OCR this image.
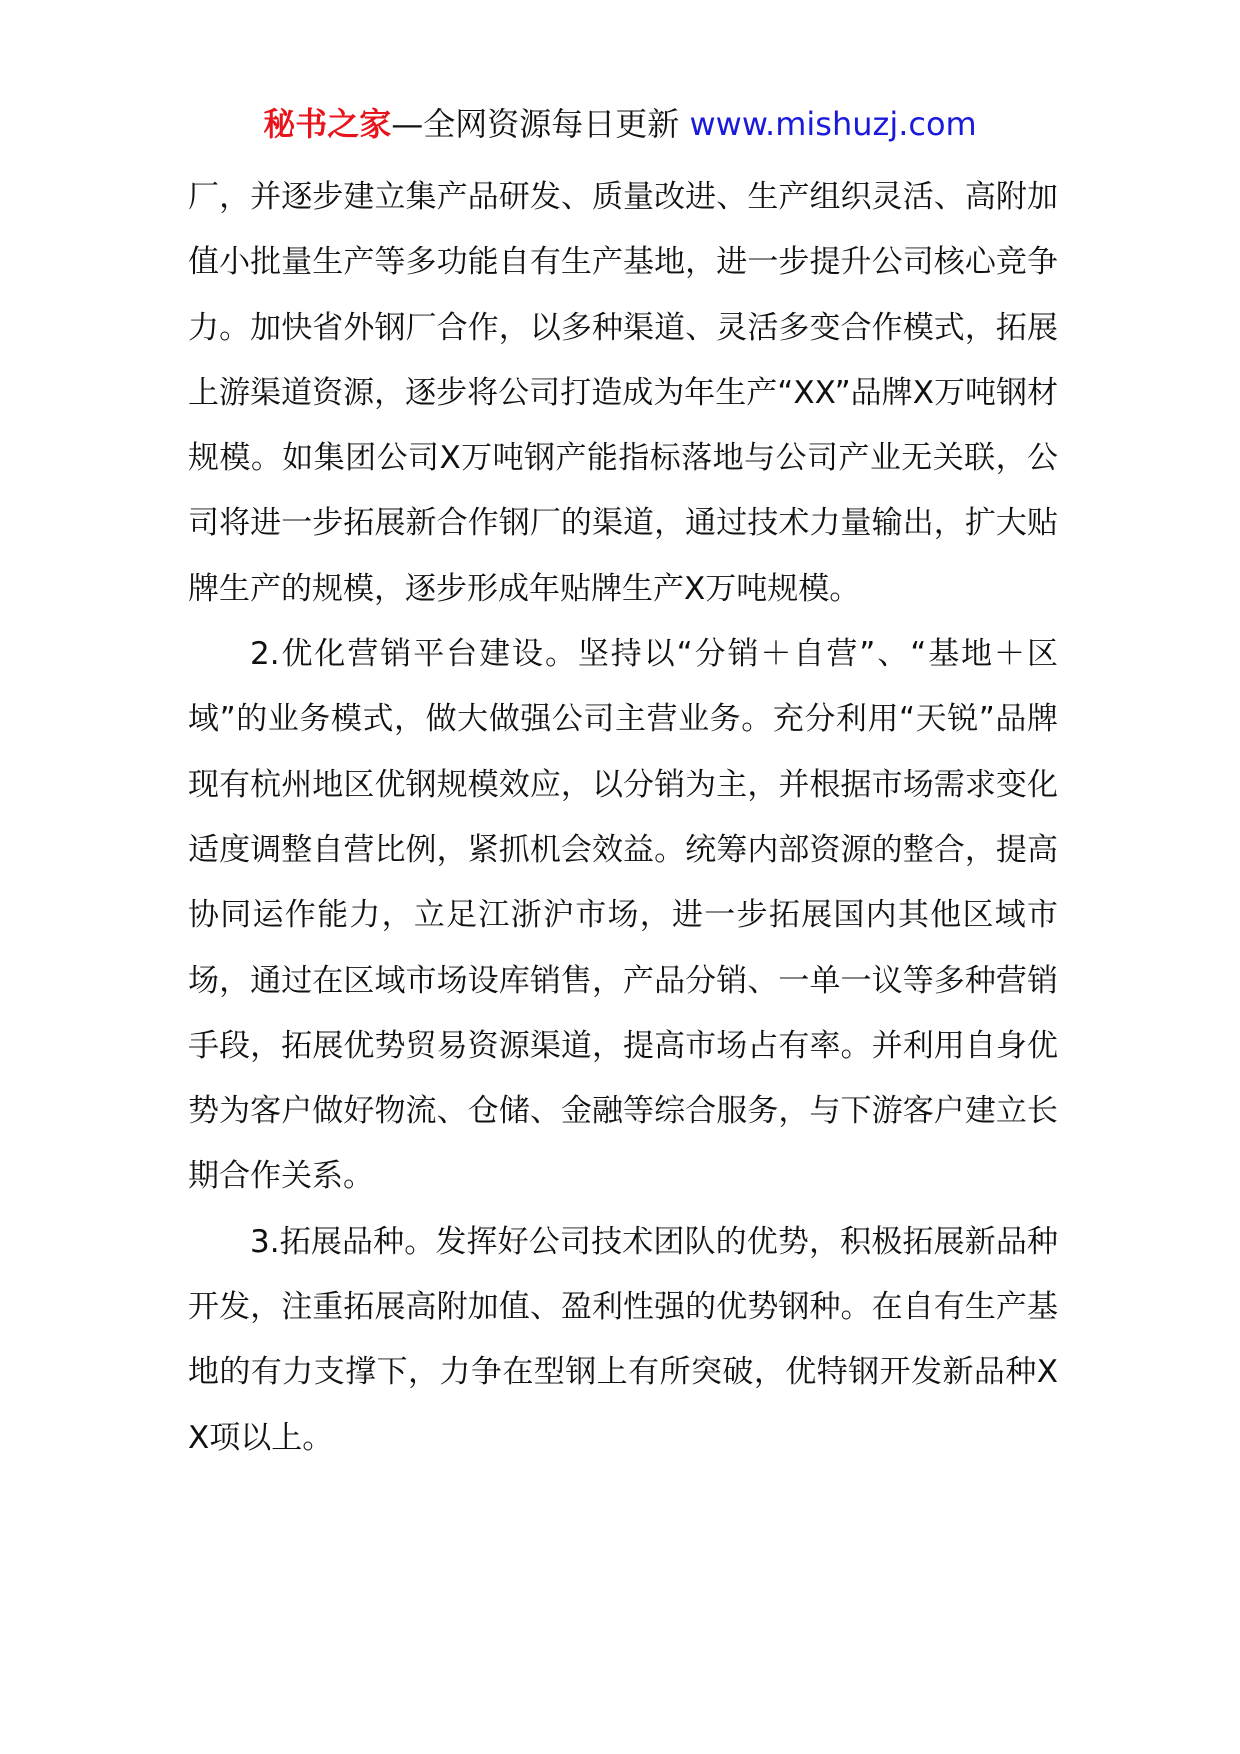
秘书之家—全网资源每日更新 www.mishuzj.com

厂，并逐步建立集产品研发、质量改进、生产组织灵活、高附加值小批量生产等多功能自有生产基地，进一步提升公司核心竞争力。加快省外钢厂合作，以多种渠道、灵活多变合作模式，拓展上游渠道资源，逐步将公司打造成为年生产“XX”品牌X万吨钢材规模。如集团公司X万吨钢产能指标落地与公司产业无关联，公司将进一步拓展新合作钢厂的渠道，通过技术力量输出，扩大贴牌生产的规模，逐步形成年贴牌生产X万吨规模。

2.优化营销平台建设。坚持以“分销＋自营”、“基地＋区域”的业务模式，做大做强公司主营业务。充分利用“天锐”品牌现有杭州地区优钢规模效应，以分销为主，并根据市场需求变化适度调整自营比例，紧抓机会效益。统筹内部资源的整合，提高协同运作能力，立足江浙沪市场，进一步拓展国内其他区域市场，通过在区域市场设库销售，产品分销、一单一议等多种营销手段，拓展优势贸易资源渠道，提高市场占有率。并利用自身优势为客户做好物流、仓储、金融等综合服务，与下游客户建立长期合作关系。

3.拓展品种。发挥好公司技术团队的优势，积极拓展新品种开发，注重拓展高附加值、盈利性强的优势钢种。在自有生产基地的有力支撑下，力争在型钢上有所突破，优特钢开发新品种XX项以上。
